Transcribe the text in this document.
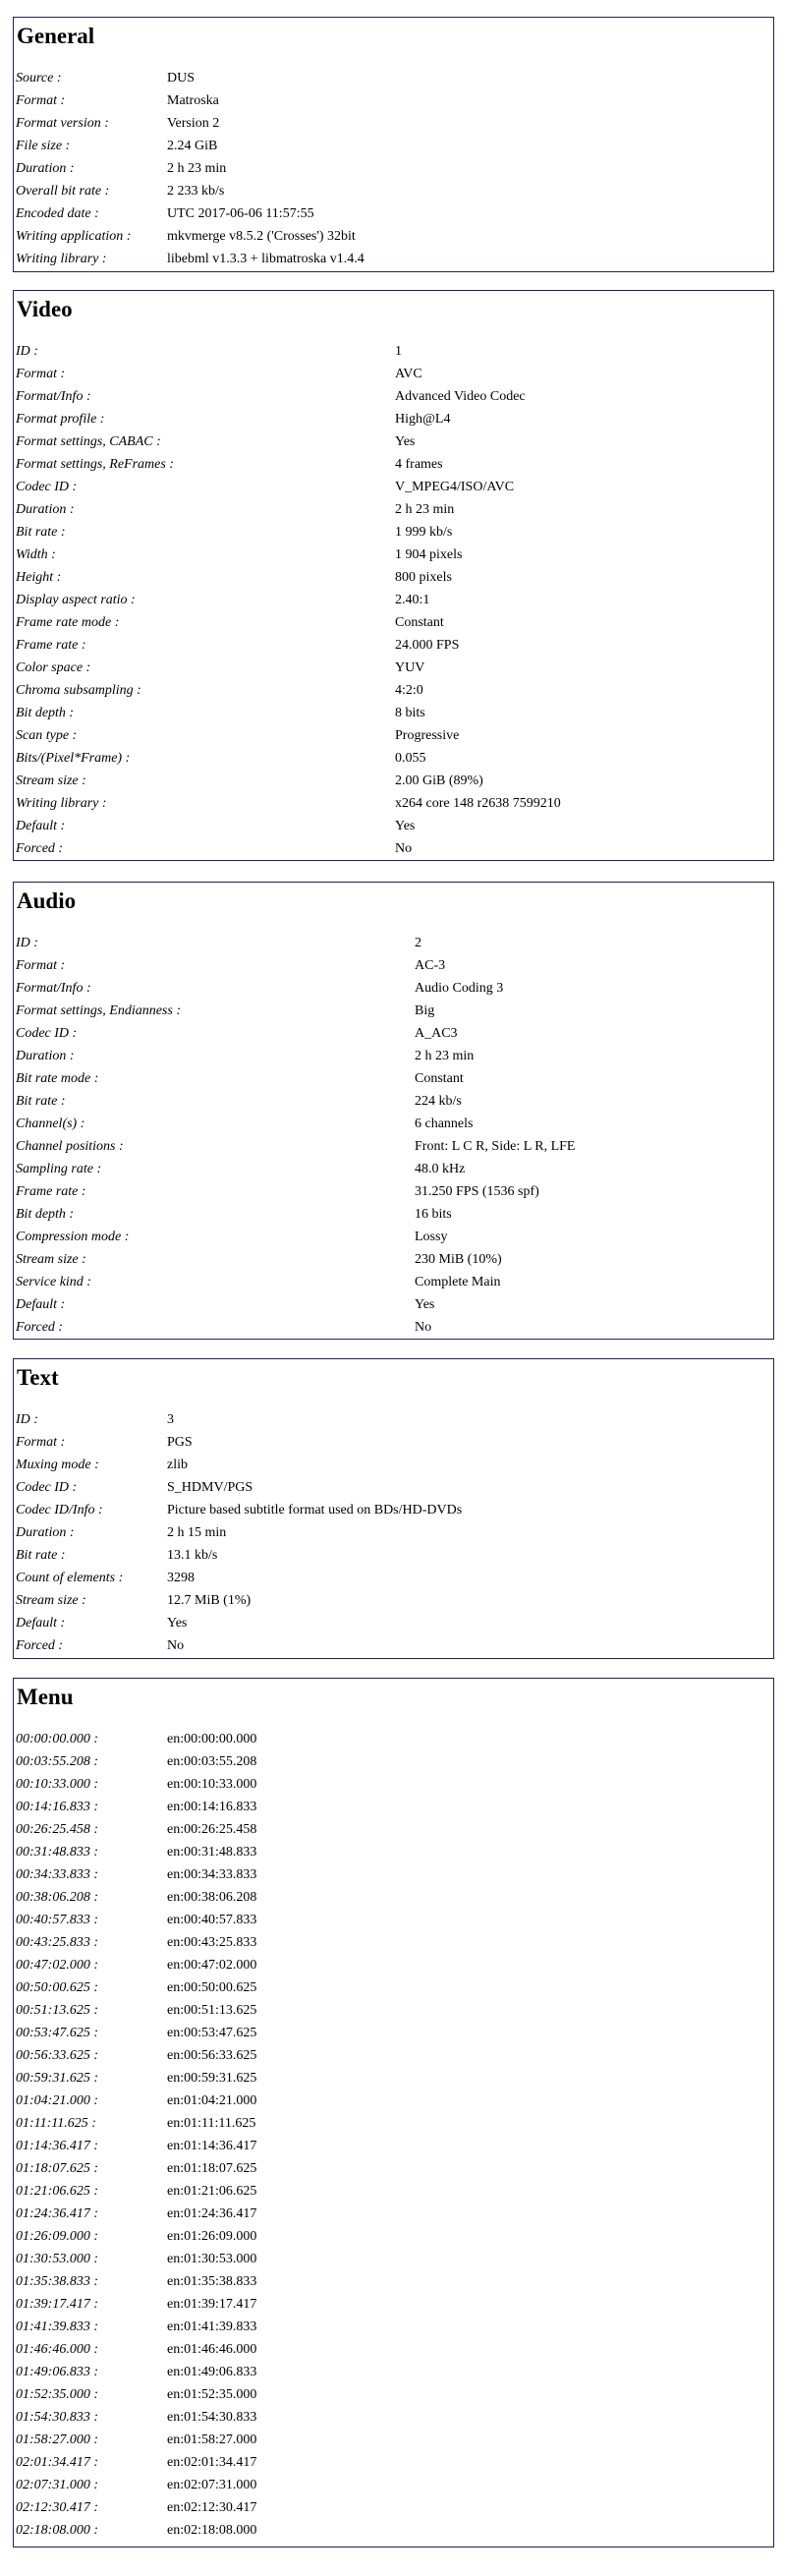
General
Source :	DUS
Format :	Matroska
Format version :	Version 2
File size :	2.24 GiB
Duration :	2 h 23 min
Overall bit rate :	2 233 kb/s
Encoded date :	UTC 2017-06-06 11:57:55
Writing application :	mkvmerge v8.5.2 ('Crosses') 32bit
Writing library :	libebml v1.3.3 + libmatroska v1.4.4
Video
ID :	1
Format :	AVC
Format/Info :	Advanced Video Codec
Format profile :	High@L4
Format settings, CABAC :	Yes
Format settings, ReFrames :	4 frames
Codec ID :	V_MPEG4/ISO/AVC
Duration :	2 h 23 min
Bit rate :	1 999 kb/s
Width :	1 904 pixels
Height :	800 pixels
Display aspect ratio :	2.40:1
Frame rate mode :	Constant
Frame rate :	24.000 FPS
Color space :	YUV
Chroma subsampling :	4:2:0
Bit depth :	8 bits
Scan type :	Progressive
Bits/(Pixel*Frame) :	0.055
Stream size :	2.00 GiB (89%)
Writing library :	x264 core 148 r2638 7599210
Default :	Yes
Forced :	No
Audio
ID :	2
Format :	AC-3
Format/Info :	Audio Coding 3
Format settings, Endianness :	Big
Codec ID :	A_AC3
Duration :	2 h 23 min
Bit rate mode :	Constant
Bit rate :	224 kb/s
Channel(s) :	6 channels
Channel positions :	Front: L C R, Side: L R, LFE
Sampling rate :	48.0 kHz
Frame rate :	31.250 FPS (1536 spf)
Bit depth :	16 bits
Compression mode :	Lossy
Stream size :	230 MiB (10%)
Service kind :	Complete Main
Default :	Yes
Forced :	No
Text
ID :	3
Format :	PGS
Muxing mode :	zlib
Codec ID :	S_HDMV/PGS
Codec ID/Info :	Picture based subtitle format used on BDs/HD-DVDs
Duration :	2 h 15 min
Bit rate :	13.1 kb/s
Count of elements :	3298
Stream size :	12.7 MiB (1%)
Default :	Yes
Forced :	No
Menu
00:00:00.000 :	en:00:00:00.000
00:03:55.208 :	en:00:03:55.208
00:10:33.000 :	en:00:10:33.000
00:14:16.833 :	en:00:14:16.833
00:26:25.458 :	en:00:26:25.458
00:31:48.833 :	en:00:31:48.833
00:34:33.833 :	en:00:34:33.833
00:38:06.208 :	en:00:38:06.208
00:40:57.833 :	en:00:40:57.833
00:43:25.833 :	en:00:43:25.833
00:47:02.000 :	en:00:47:02.000
00:50:00.625 :	en:00:50:00.625
00:51:13.625 :	en:00:51:13.625
00:53:47.625 :	en:00:53:47.625
00:56:33.625 :	en:00:56:33.625
00:59:31.625 :	en:00:59:31.625
01:04:21.000 :	en:01:04:21.000
01:11:11.625 :	en:01:11:11.625
01:14:36.417 :	en:01:14:36.417
01:18:07.625 :	en:01:18:07.625
01:21:06.625 :	en:01:21:06.625
01:24:36.417 :	en:01:24:36.417
01:26:09.000 :	en:01:26:09.000
01:30:53.000 :	en:01:30:53.000
01:35:38.833 :	en:01:35:38.833
01:39:17.417 :	en:01:39:17.417
01:41:39.833 :	en:01:41:39.833
01:46:46.000 :	en:01:46:46.000
01:49:06.833 :	en:01:49:06.833
01:52:35.000 :	en:01:52:35.000
01:54:30.833 :	en:01:54:30.833
01:58:27.000 :	en:01:58:27.000
02:01:34.417 :	en:02:01:34.417
02:07:31.000 :	en:02:07:31.000
02:12:30.417 :	en:02:12:30.417
02:18:08.000 :	en:02:18:08.000
